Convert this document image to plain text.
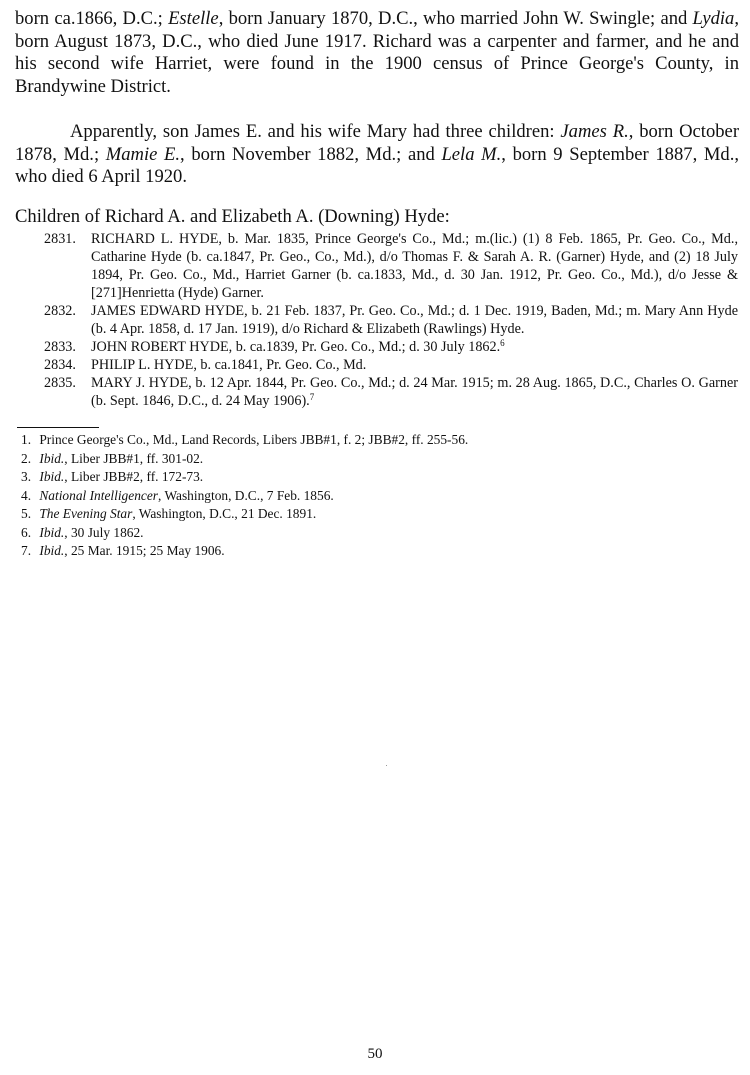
born ca.1866, D.C.; Estelle, born January 1870, D.C., who married John W. Swingle; and Lydia, born August 1873, D.C., who died June 1917. Richard was a carpenter and farmer, and he and his second wife Harriet, were found in the 1900 census of Prince George's County, in Brandywine District.

Apparently, son James E. and his wife Mary had three children: James R., born October 1878, Md.; Mamie E., born November 1882, Md.; and Lela M., born 9 September 1887, Md., who died 6 April 1920.

Children of Richard A. and Elizabeth A. (Downing) Hyde:

2831. RICHARD L. HYDE, b. Mar. 1835, Prince George's Co., Md.; m.(lic.) (1) 8 Feb. 1865, Pr. Geo. Co., Md., Catharine Hyde (b. ca.1847, Pr. Geo., Co., Md.), d/o Thomas F. & Sarah A. R. (Garner) Hyde, and (2) 18 July 1894, Pr. Geo. Co., Md., Harriet Garner (b. ca.1833, Md., d. 30 Jan. 1912, Pr. Geo. Co., Md.), d/o Jesse & [271]Henrietta (Hyde) Garner.
2832. JAMES EDWARD HYDE, b. 21 Feb. 1837, Pr. Geo. Co., Md.; d. 1 Dec. 1919, Baden, Md.; m. Mary Ann Hyde (b. 4 Apr. 1858, d. 17 Jan. 1919), d/o Richard & Elizabeth (Rawlings) Hyde.
2833. JOHN ROBERT HYDE, b. ca.1839, Pr. Geo. Co., Md.; d. 30 July 1862.$^6$
2834. PHILIP L. HYDE, b. ca.1841, Pr. Geo. Co., Md.
2835. MARY J. HYDE, b. 12 Apr. 1844, Pr. Geo. Co., Md.; d. 24 Mar. 1915; m. 28 Aug. 1865, D.C., Charles O. Garner (b. Sept. 1846, D.C., d. 24 May 1906).$^7$
1. Prince George's Co., Md., Land Records, Libers JBB#1, f. 2; JBB#2, ff. 255-56.
2. Ibid., Liber JBB#1, ff. 301-02.
3. Ibid., Liber JBB#2, ff. 172-73.
4. National Intelligencer, Washington, D.C., 7 Feb. 1856.
5. The Evening Star, Washington, D.C., 21 Dec. 1891.
6. Ibid., 30 July 1862.
7. Ibid., 25 Mar. 1915; 25 May 1906.
50
